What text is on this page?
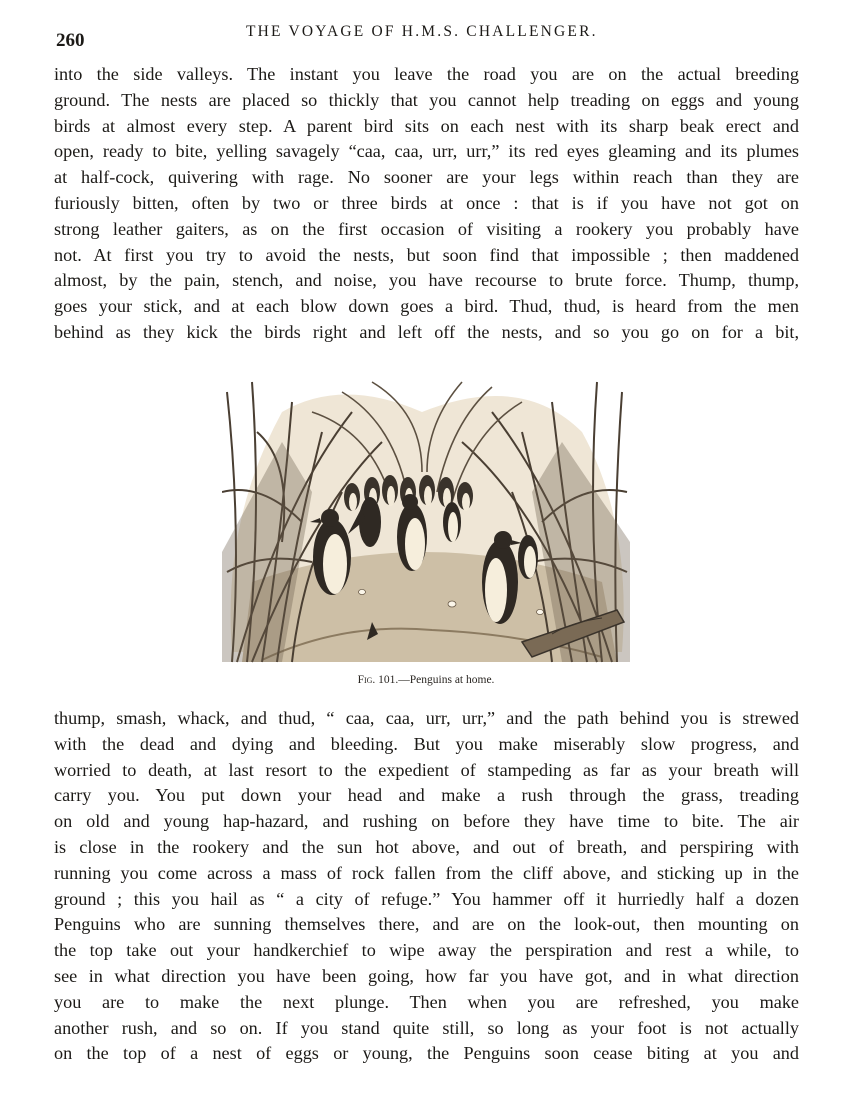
260	THE VOYAGE OF H.M.S. CHALLENGER.
into the side valleys. The instant you leave the road you are on the actual breeding
ground. The nests are placed so thickly that you cannot help treading on eggs and young
birds at almost every step. A parent bird sits on each nest with its sharp beak erect and
open, ready to bite, yelling savagely “caa, caa, urr, urr,” its red eyes gleaming and its plumes
at half-cock, quivering with rage. No sooner are your legs within reach than they are
furiously bitten, often by two or three birds at once : that is if you have not got on
strong leather gaiters, as on the first occasion of visiting a rookery you probably have
not. At first you try to avoid the nests, but soon find that impossible ; then maddened
almost, by the pain, stench, and noise, you have recourse to brute force. Thump, thump,
goes your stick, and at each blow down goes a bird. Thud, thud, is heard from the men
behind as they kick the birds right and left off the nests, and so you go on for a bit,
Fig. 101.—Penguins at home.
thump, smash, whack, and thud, “ caa, caa, urr, urr,” and the path behind you is strewed
with the dead and dying and bleeding. But you make miserably slow progress, and
worried to death, at last resort to the expedient of stampeding as far as your breath will
carry you. You put down your head and make a rush through the grass, treading
on old and young hap-hazard, and rushing on before they have time to bite. The air
is close in the rookery and the sun hot above, and out of breath, and perspiring with
running you come across a mass of rock fallen from the cliff above, and sticking up in the
ground ; this you hail as “ a city of refuge.” You hammer off it hurriedly half a dozen
Penguins who are sunning themselves there, and are on the look-out, then mounting on
the top take out your handkerchief to wipe away the perspiration and rest a while, to
see in what direction you have been going, how far you have got, and in what direction
you are to make the next plunge. Then when you are refreshed, you make
another rush, and so on. If you stand quite still, so long as your foot is not actually
on the top of a nest of eggs or young, the Penguins soon cease biting at you and
